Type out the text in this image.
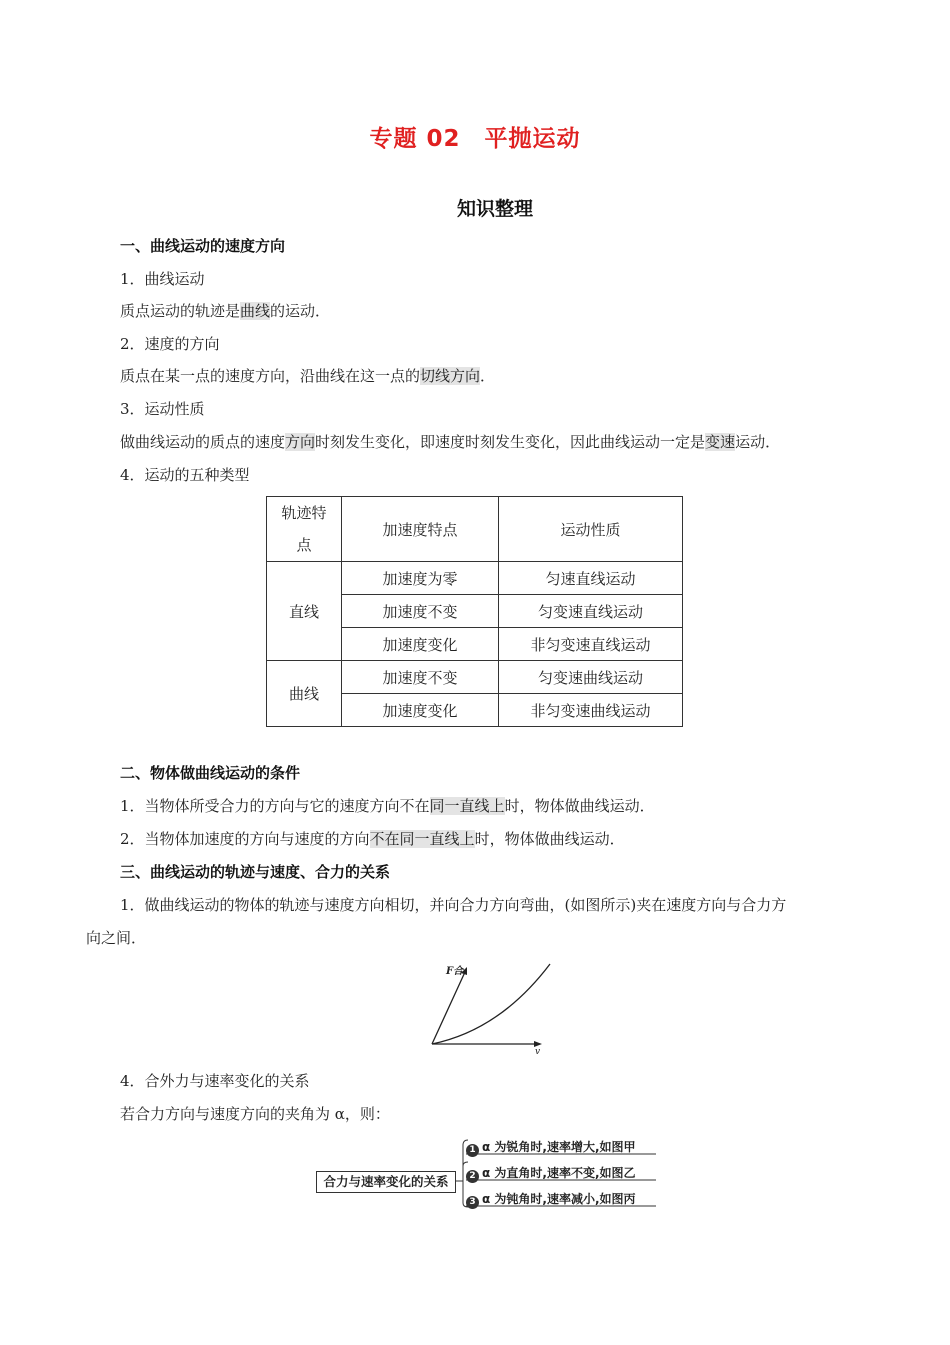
专题 02　平抛运动
知识整理
一、曲线运动的速度方向
1．曲线运动
质点运动的轨迹是曲线的运动．
2．速度的方向
质点在某一点的速度方向，沿曲线在这一点的切线方向．
3．运动性质
做曲线运动的质点的速度方向时刻发生变化，即速度时刻发生变化，因此曲线运动一定是变速运动．
4．运动的五种类型
轨迹特点	加速度特点	运动性质
直线	加速度为零	匀速直线运动
	加速度不变	匀变速直线运动
	加速度变化	非匀变速直线运动
曲线	加速度不变	匀变速曲线运动
	加速度变化	非匀变速曲线运动
二、物体做曲线运动的条件
1．当物体所受合力的方向与它的速度方向不在同一直线上时，物体做曲线运动．
2．当物体加速度的方向与速度的方向不在同一直线上时，物体做曲线运动．
三、曲线运动的轨迹与速度、合力的关系
1．做曲线运动的物体的轨迹与速度方向相切，并向合力方向弯曲，(如图所示)夹在速度方向与合力方
向之间．
F合
v
4．合外力与速率变化的关系
若合力方向与速度方向的夹角为 α，则：
合力与速率变化的关系
1 α 为锐角时,速率增大,如图甲
2 α 为直角时,速率不变,如图乙
3 α 为钝角时,速率减小,如图丙
